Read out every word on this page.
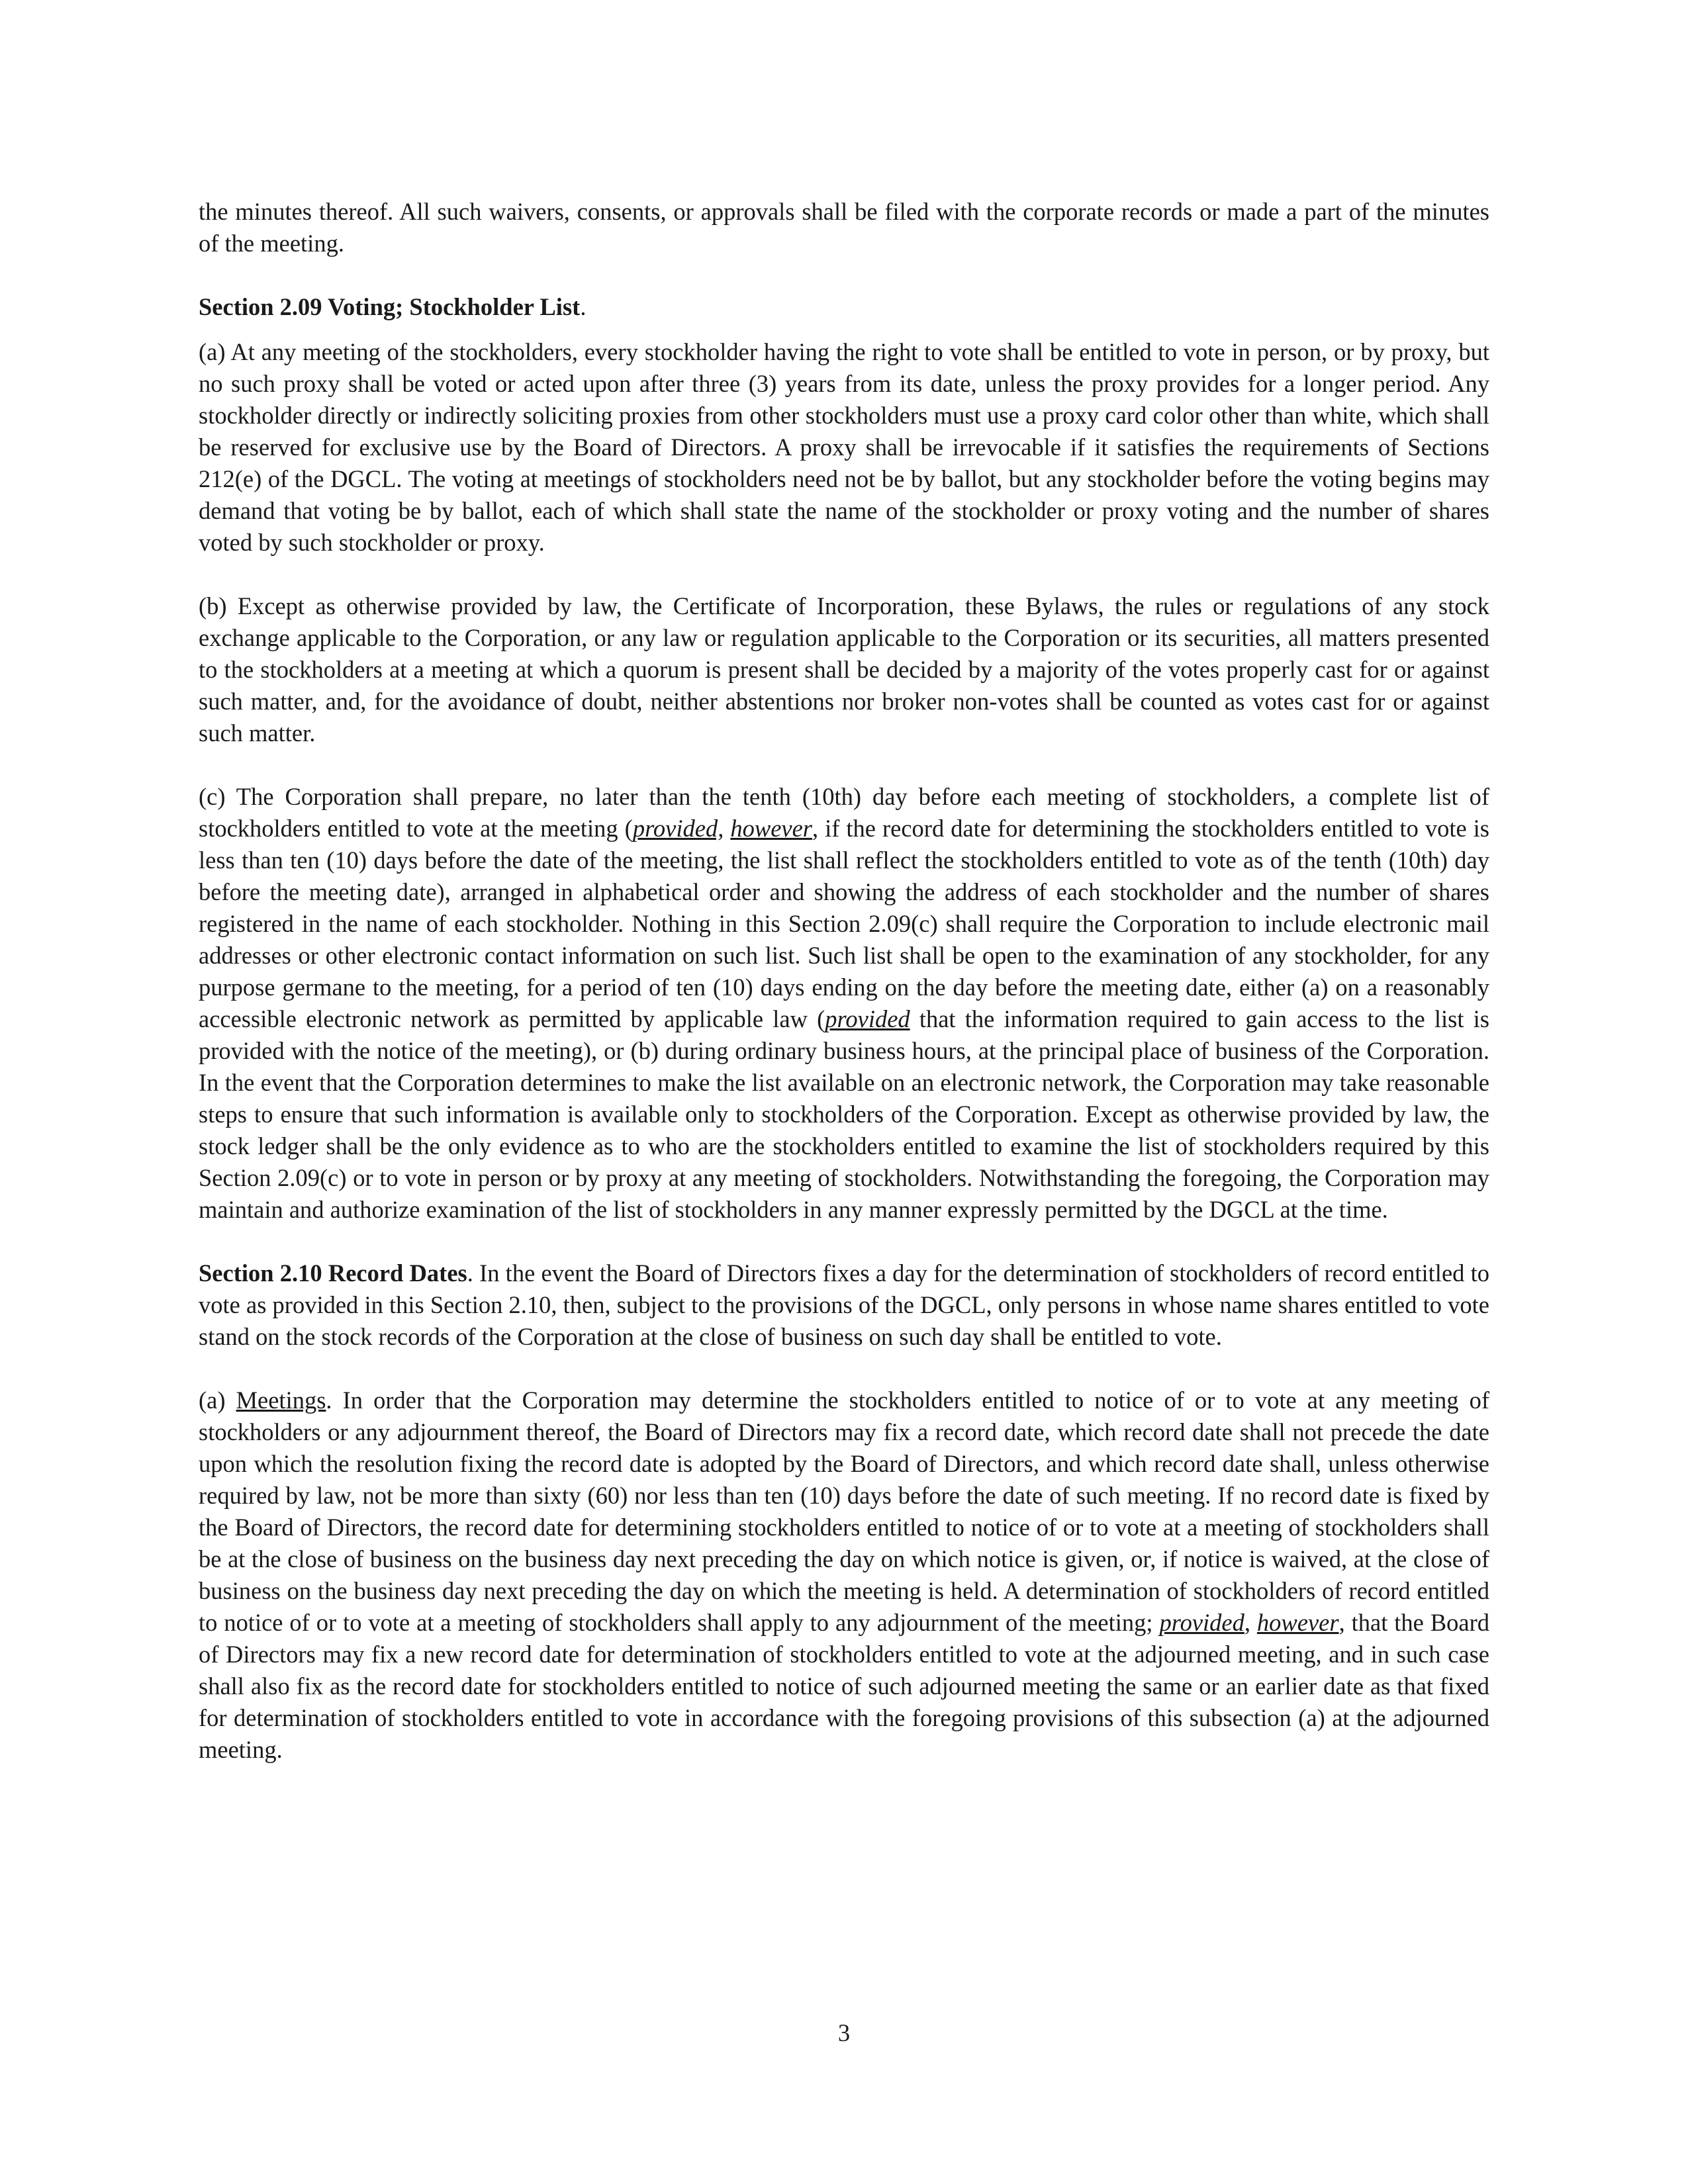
the minutes thereof. All such waivers, consents, or approvals shall be filed with the corporate records or made a part of the minutes of the meeting.

Section 2.09 Voting; Stockholder List.

(a) At any meeting of the stockholders, every stockholder having the right to vote shall be entitled to vote in person, or by proxy, but no such proxy shall be voted or acted upon after three (3) years from its date, unless the proxy provides for a longer period. Any stockholder directly or indirectly soliciting proxies from other stockholders must use a proxy card color other than white, which shall be reserved for exclusive use by the Board of Directors. A proxy shall be irrevocable if it satisfies the requirements of Sections 212(e) of the DGCL. The voting at meetings of stockholders need not be by ballot, but any stockholder before the voting begins may demand that voting be by ballot, each of which shall state the name of the stockholder or proxy voting and the number of shares voted by such stockholder or proxy.

(b) Except as otherwise provided by law, the Certificate of Incorporation, these Bylaws, the rules or regulations of any stock exchange applicable to the Corporation, or any law or regulation applicable to the Corporation or its securities, all matters presented to the stockholders at a meeting at which a quorum is present shall be decided by a majority of the votes properly cast for or against such matter, and, for the avoidance of doubt, neither abstentions nor broker non-votes shall be counted as votes cast for or against such matter.

(c) The Corporation shall prepare, no later than the tenth (10th) day before each meeting of stockholders, a complete list of stockholders entitled to vote at the meeting (provided, however, if the record date for determining the stockholders entitled to vote is less than ten (10) days before the date of the meeting, the list shall reflect the stockholders entitled to vote as of the tenth (10th) day before the meeting date), arranged in alphabetical order and showing the address of each stockholder and the number of shares registered in the name of each stockholder. Nothing in this Section 2.09(c) shall require the Corporation to include electronic mail addresses or other electronic contact information on such list. Such list shall be open to the examination of any stockholder, for any purpose germane to the meeting, for a period of ten (10) days ending on the day before the meeting date, either (a) on a reasonably accessible electronic network as permitted by applicable law (provided that the information required to gain access to the list is provided with the notice of the meeting), or (b) during ordinary business hours, at the principal place of business of the Corporation. In the event that the Corporation determines to make the list available on an electronic network, the Corporation may take reasonable steps to ensure that such information is available only to stockholders of the Corporation. Except as otherwise provided by law, the stock ledger shall be the only evidence as to who are the stockholders entitled to examine the list of stockholders required by this Section 2.09(c) or to vote in person or by proxy at any meeting of stockholders. Notwithstanding the foregoing, the Corporation may maintain and authorize examination of the list of stockholders in any manner expressly permitted by the DGCL at the time.

Section 2.10 Record Dates. In the event the Board of Directors fixes a day for the determination of stockholders of record entitled to vote as provided in this Section 2.10, then, subject to the provisions of the DGCL, only persons in whose name shares entitled to vote stand on the stock records of the Corporation at the close of business on such day shall be entitled to vote.

(a) Meetings. In order that the Corporation may determine the stockholders entitled to notice of or to vote at any meeting of stockholders or any adjournment thereof, the Board of Directors may fix a record date, which record date shall not precede the date upon which the resolution fixing the record date is adopted by the Board of Directors, and which record date shall, unless otherwise required by law, not be more than sixty (60) nor less than ten (10) days before the date of such meeting. If no record date is fixed by the Board of Directors, the record date for determining stockholders entitled to notice of or to vote at a meeting of stockholders shall be at the close of business on the business day next preceding the day on which notice is given, or, if notice is waived, at the close of business on the business day next preceding the day on which the meeting is held. A determination of stockholders of record entitled to notice of or to vote at a meeting of stockholders shall apply to any adjournment of the meeting; provided, however, that the Board of Directors may fix a new record date for determination of stockholders entitled to vote at the adjourned meeting, and in such case shall also fix as the record date for stockholders entitled to notice of such adjourned meeting the same or an earlier date as that fixed for determination of stockholders entitled to vote in accordance with the foregoing provisions of this subsection (a) at the adjourned meeting.

3
